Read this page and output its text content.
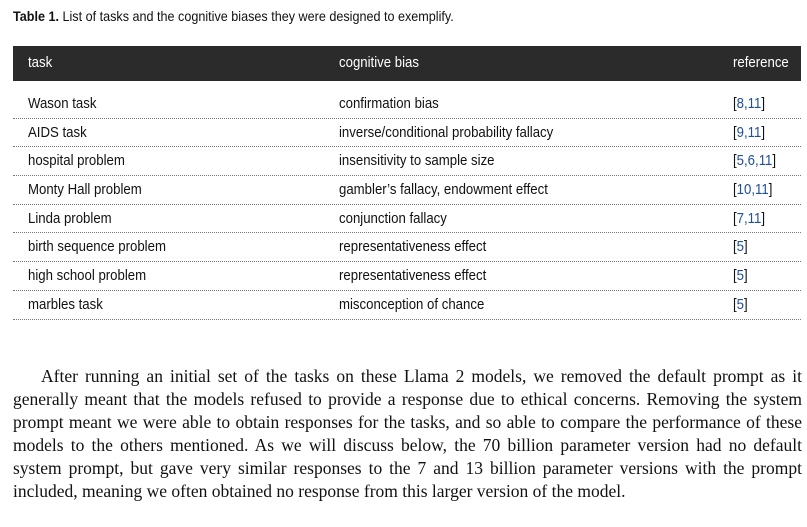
Table 1. List of tasks and the cognitive biases they were designed to exemplify.
task	cognitive bias	reference
Wason task	confirmation bias	[8,11]
AIDS task	inverse/conditional probability fallacy	[9,11]
hospital problem	insensitivity to sample size	[5,6,11]
Monty Hall problem	gambler’s fallacy, endowment effect	[10,11]
Linda problem	conjunction fallacy	[7,11]
birth sequence problem	representativeness effect	[5]
high school problem	representativeness effect	[5]
marbles task	misconception of chance	[5]

After running an initial set of the tasks on these Llama 2 models, we removed the default prompt as it generally meant that the models refused to provide a response due to ethical concerns. Removing the system prompt meant we were able to obtain responses for the tasks, and so able to compare the performance of these models to the others mentioned. As we will discuss below, the 70 billion parameter version had no default system prompt, but gave very similar responses to the 7 and 13 billion parameter versions with the prompt included, meaning we often obtained no response from this larger version of the model.
